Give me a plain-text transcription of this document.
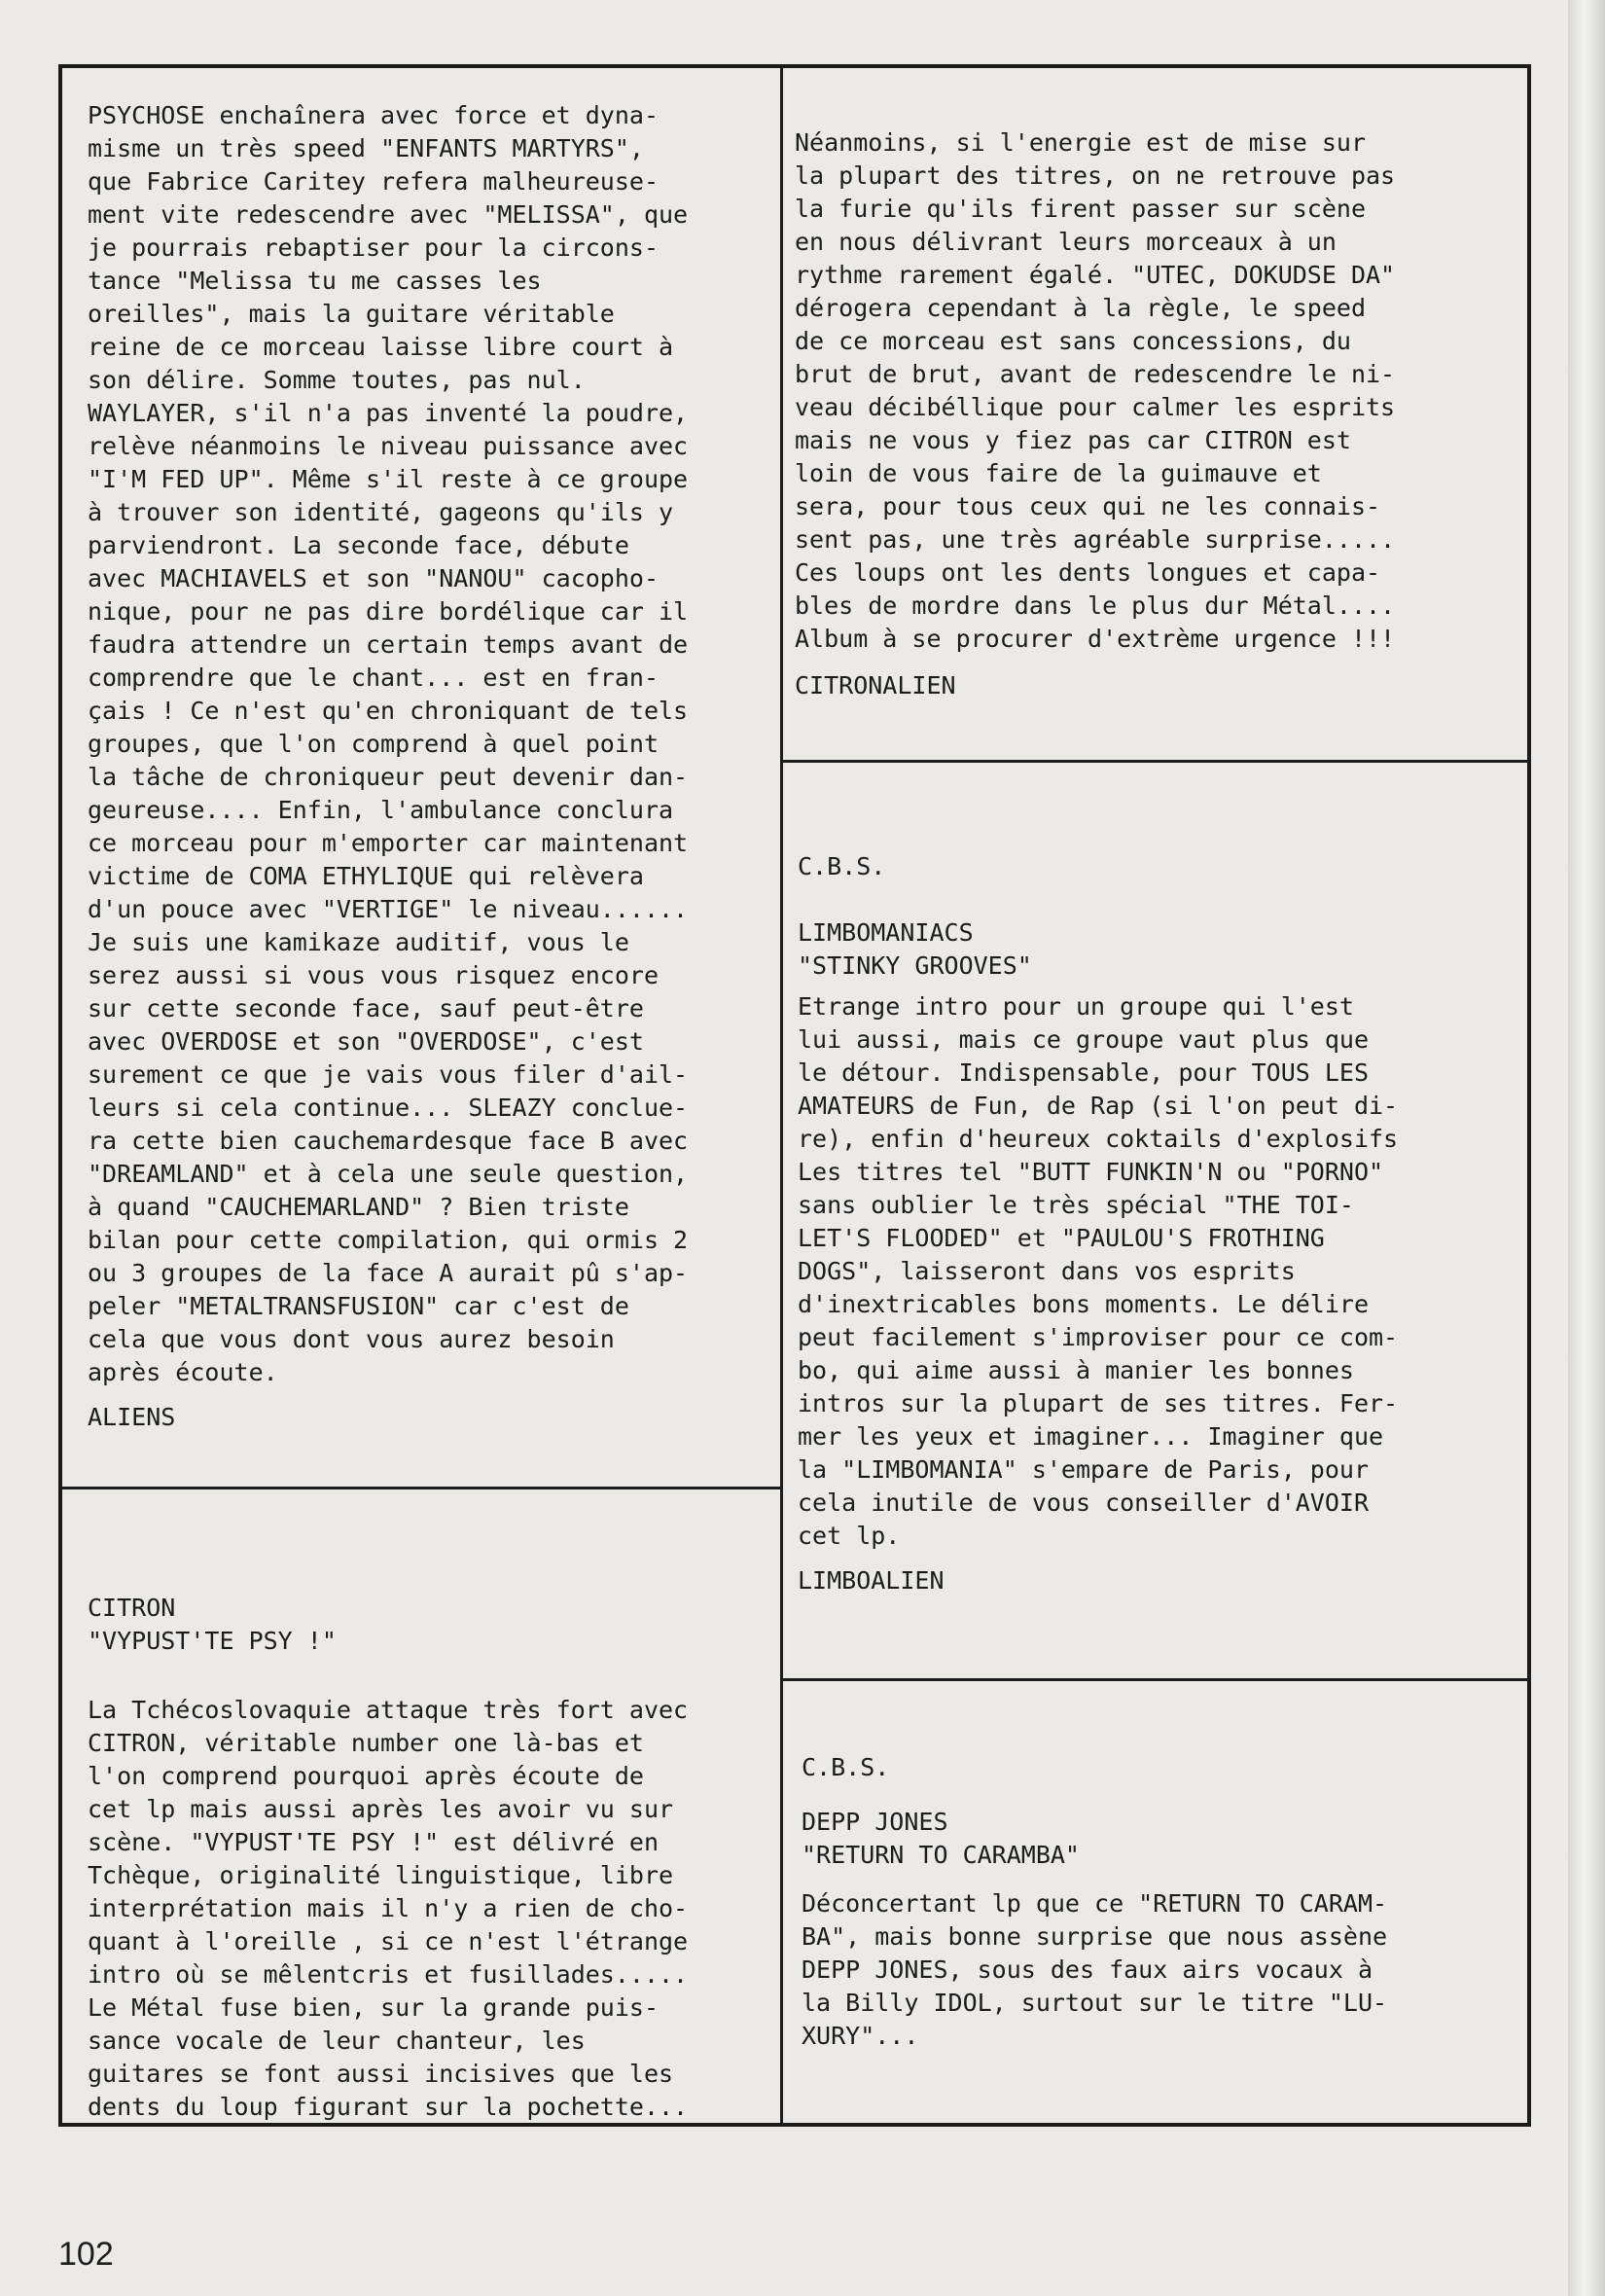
PSYCHOSE enchaînera avec force et dyna-

misme un très speed "ENFANTS MARTYRS",

que Fabrice Caritey refera malheureuse-

ment vite redescendre avec "MELISSA", que

je pourrais rebaptiser pour la circons-

tance "Melissa tu me casses les

oreilles", mais la guitare véritable

reine de ce morceau laisse libre court à

son délire. Somme toutes, pas nul.

WAYLAYER, s'il n'a pas inventé la poudre,

relève néanmoins le niveau puissance avec

"I'M FED UP". Même s'il reste à ce groupe

à trouver son identité, gageons qu'ils y

parviendront. La seconde face, débute

avec MACHIAVELS et son "NANOU" cacopho-

nique, pour ne pas dire bordélique car il

faudra attendre un certain temps avant de

comprendre que le chant... est en fran-

çais ! Ce n'est qu'en chroniquant de tels

groupes, que l'on comprend à quel point

la tâche de chroniqueur peut devenir dan-

geureuse.... Enfin, l'ambulance conclura

ce morceau pour m'emporter car maintenant

victime de COMA ETHYLIQUE qui relèvera

d'un pouce avec "VERTIGE" le niveau......

Je suis une kamikaze auditif, vous le

serez aussi si vous vous risquez encore

sur cette seconde face, sauf peut-être

avec OVERDOSE et son "OVERDOSE", c'est

surement ce que je vais vous filer d'ail-

leurs si cela continue... SLEAZY conclue-

ra cette bien cauchemardesque face B avec

"DREAMLAND" et à cela une seule question,

à quand "CAUCHEMARLAND" ? Bien triste

bilan pour cette compilation, qui ormis 2

ou 3 groupes de la face A aurait pû s'ap-

peler "METALTRANSFUSION" car c'est de

cela que vous dont vous aurez besoin

après écoute.

ALIENS

CITRON

"VYPUST'TE PSY !"

La Tchécoslovaquie attaque très fort avec

CITRON, véritable number one là-bas et

l'on comprend pourquoi après écoute de

cet lp mais aussi après les avoir vu sur

scène. "VYPUST'TE PSY !" est délivré en

Tchèque, originalité linguistique, libre

interprétation mais il n'y a rien de cho-

quant à l'oreille , si ce n'est l'étrange

intro où se mêlentcris et fusillades.....

Le Métal fuse bien, sur la grande puis-

sance vocale de leur chanteur, les

guitares se font aussi incisives que les

dents du loup figurant sur la pochette...

Néanmoins, si l'energie est de mise sur

la plupart des titres, on ne retrouve pas

la furie qu'ils firent passer sur scène

en nous délivrant leurs morceaux à un

rythme rarement égalé. "UTEC, DOKUDSE DA"

dérogera cependant à la règle, le speed

de ce morceau est sans concessions, du

brut de brut, avant de redescendre le ni-

veau décibéllique pour calmer les esprits

mais ne vous y fiez pas car CITRON est

loin de vous faire de la guimauve et

sera, pour tous ceux qui ne les connais-

sent pas, une très agréable surprise.....

Ces loups ont les dents longues et capa-

bles de mordre dans le plus dur Métal....

Album à se procurer d'extrème urgence !!!

CITRONALIEN

C.B.S.

LIMBOMANIACS

"STINKY GROOVES"

Etrange intro pour un groupe qui l'est

lui aussi, mais ce groupe vaut plus que

le détour. Indispensable, pour TOUS LES

AMATEURS de Fun, de Rap (si l'on peut di-

re), enfin d'heureux coktails d'explosifs

Les titres tel "BUTT FUNKIN'N ou "PORNO"

sans oublier le très spécial "THE TOI-

LET'S FLOODED" et "PAULOU'S FROTHING

DOGS", laisseront dans vos esprits

d'inextricables bons moments. Le délire

peut facilement s'improviser pour ce com-

bo, qui aime aussi à manier les bonnes

intros sur la plupart de ses titres. Fer-

mer les yeux et imaginer... Imaginer que

la "LIMBOMANIA" s'empare de Paris, pour

cela inutile de vous conseiller d'AVOIR

cet lp.

LIMBOALIEN

C.B.S.

DEPP JONES

"RETURN TO CARAMBA"

Déconcertant lp que ce "RETURN TO CARAM-

BA", mais bonne surprise que nous assène

DEPP JONES, sous des faux airs vocaux à

la Billy IDOL, surtout sur le titre "LU-

XURY"...

102
